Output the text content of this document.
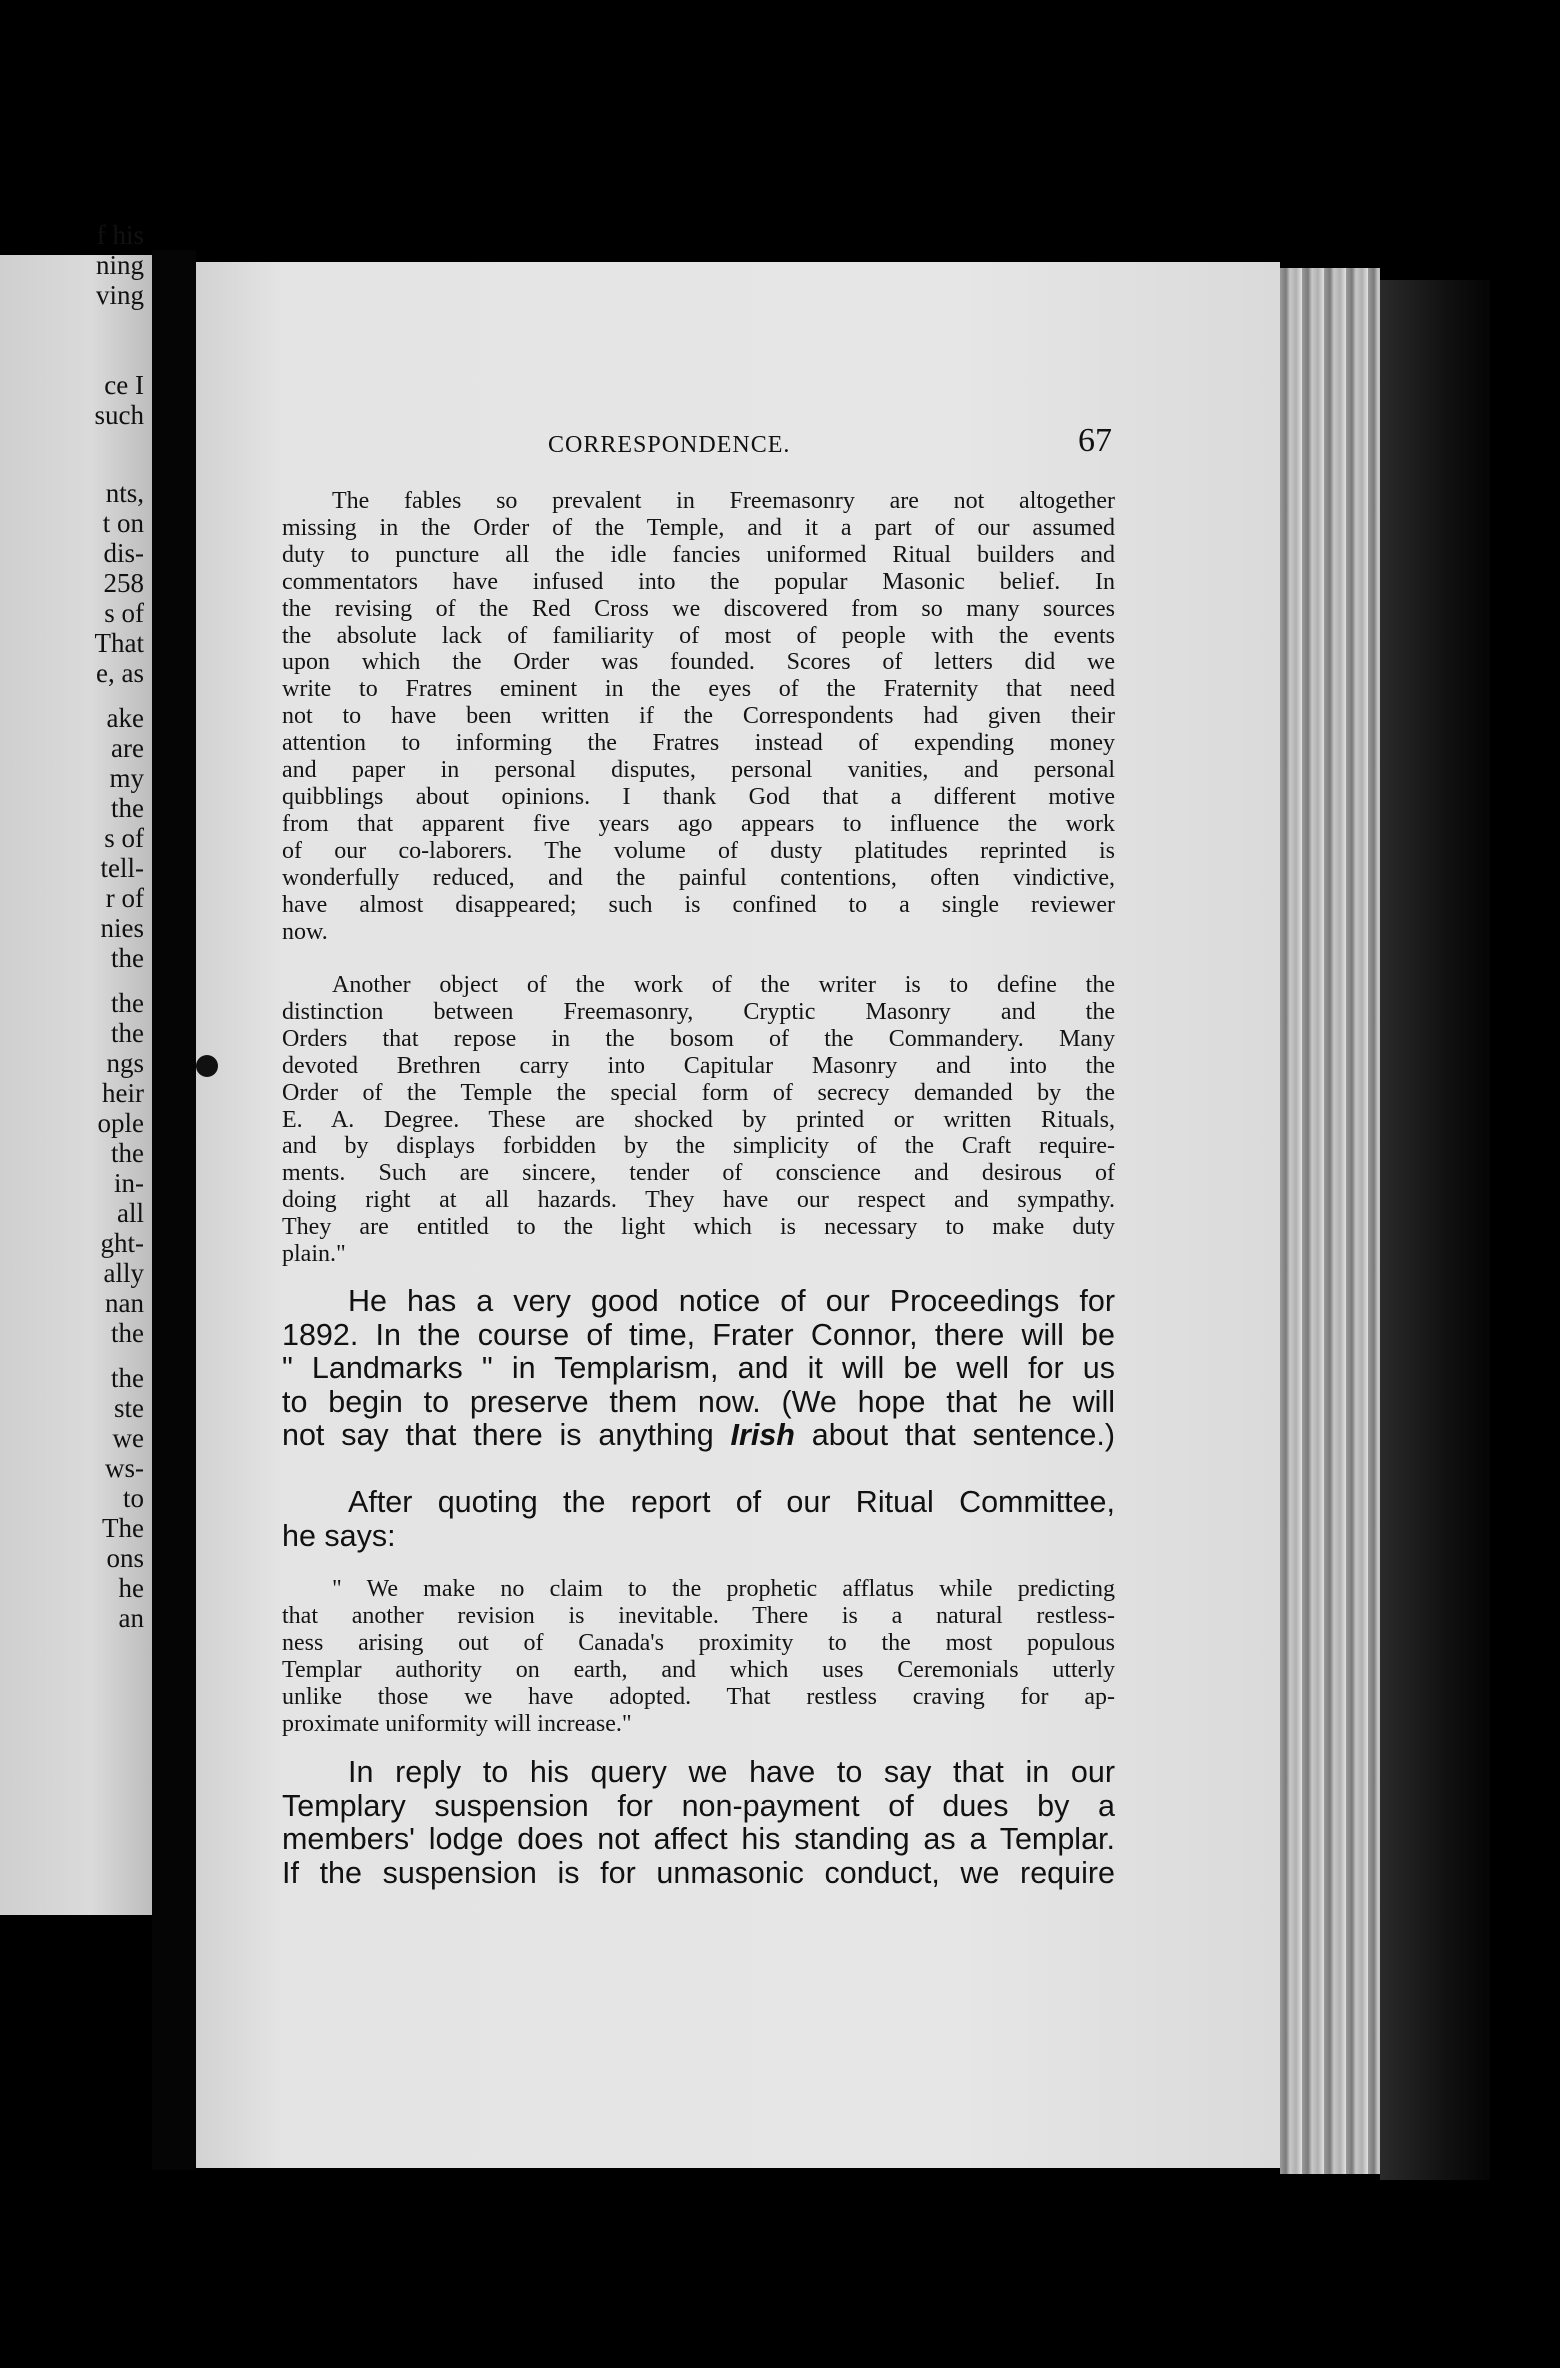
f his
ning
ving
ce I
such
nts,
t on
dis-
258
s of
That
e, as
ake
are
my
the
s of
tell-
r of
nies
the
the
the
ngs
heir
ople
the
in-
all
ght-
ally
nan
the
the
ste
we
ws-
to
The
ons
he
an
CORRESPONDENCE.	67
The fables so prevalent in Freemasonry are not altogether
missing in the Order of the Temple, and it a part of our assumed
duty to puncture all the idle fancies uniformed Ritual builders and
commentators have infused into the popular Masonic belief. In
the revising of the Red Cross we discovered from so many sources
the absolute lack of familiarity of most of people with the events
upon which the Order was founded. Scores of letters did we
write to Fratres eminent in the eyes of the Fraternity that need
not to have been written if the Correspondents had given their
attention to informing the Fratres instead of expending money
and paper in personal disputes, personal vanities, and personal
quibblings about opinions. I thank God that a different motive
from that apparent five years ago appears to influence the work
of our co-laborers. The volume of dusty platitudes reprinted is
wonderfully reduced, and the painful contentions, often vindictive,
have almost disappeared; such is confined to a single reviewer
now.
Another object of the work of the writer is to define the
distinction between Freemasonry, Cryptic Masonry and the
Orders that repose in the bosom of the Commandery. Many
devoted Brethren carry into Capitular Masonry and into the
Order of the Temple the special form of secrecy demanded by the
E. A. Degree. These are shocked by printed or written Rituals,
and by displays forbidden by the simplicity of the Craft require-
ments. Such are sincere, tender of conscience and desirous of
doing right at all hazards. They have our respect and sympathy.
They are entitled to the light which is necessary to make duty
plain."
He has a very good notice of our Proceedings for
1892. In the course of time, Frater Connor, there will be
" Landmarks " in Templarism, and it will be well for us
to begin to preserve them now. (We hope that he will
not say that there is anything Irish about that sentence.)
After quoting the report of our Ritual Committee,
he says:
" We make no claim to the prophetic afflatus while predicting
that another revision is inevitable. There is a natural restless-
ness arising out of Canada's proximity to the most populous
Templar authority on earth, and which uses Ceremonials utterly
unlike those we have adopted. That restless craving for ap-
proximate uniformity will increase."
In reply to his query we have to say that in our
Templary suspension for non-payment of dues by a
members' lodge does not affect his standing as a Templar.
If the suspension is for unmasonic conduct, we require
